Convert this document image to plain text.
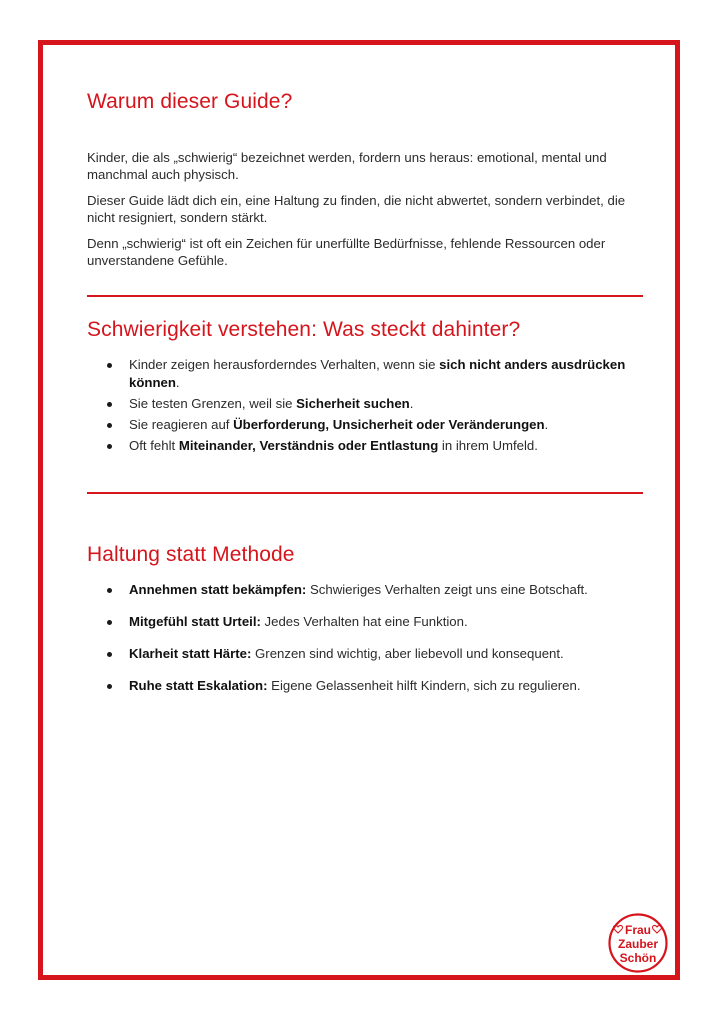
Warum dieser Guide?

Kinder, die als „schwierig“ bezeichnet werden, fordern uns heraus: emotional, mental und manchmal auch physisch.

Dieser Guide lädt dich ein, eine Haltung zu finden, die nicht abwertet, sondern verbindet, die nicht resigniert, sondern stärkt.

Denn „schwierig“ ist oft ein Zeichen für unerfüllte Bedürfnisse, fehlende Ressourcen oder unverstandene Gefühle.

Schwierigkeit verstehen: Was steckt dahinter?
Kinder zeigen herausforderndes Verhalten, wenn sie sich nicht anders ausdrücken können.
Sie testen Grenzen, weil sie Sicherheit suchen.
Sie reagieren auf Überforderung, Unsicherheit oder Veränderungen.
Oft fehlt Miteinander, Verständnis oder Entlastung in ihrem Umfeld.
Haltung statt Methode
Annehmen statt bekämpfen: Schwieriges Verhalten zeigt uns eine Botschaft.
Mitgefühl statt Urteil: Jedes Verhalten hat eine Funktion.
Klarheit statt Härte: Grenzen sind wichtig, aber liebevoll und konsequent.
Ruhe statt Eskalation: Eigene Gelassenheit hilft Kindern, sich zu regulieren.
Frau
Zauber
Schön
